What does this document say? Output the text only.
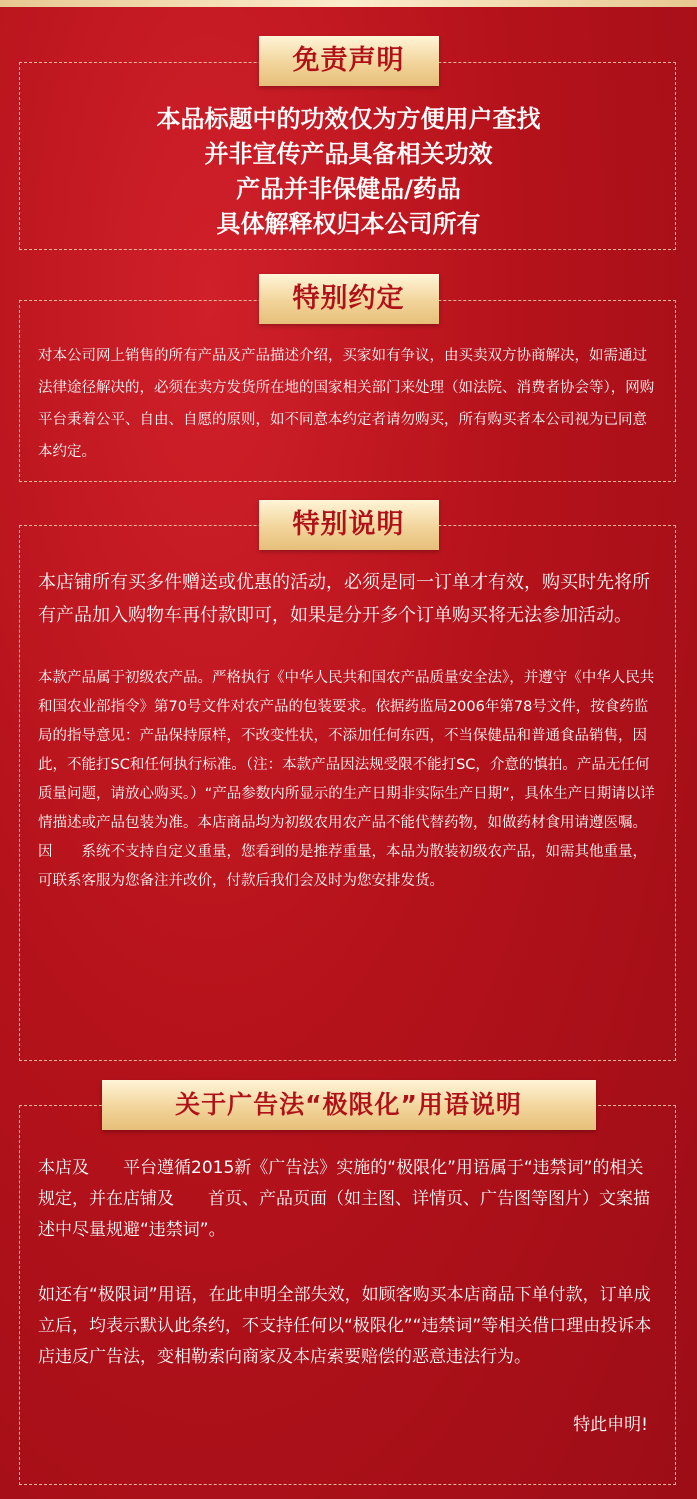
免责声明
本品标题中的功效仅为方便用户查找
并非宣传产品具备相关功效
产品并非保健品/药品
具体解释权归本公司所有
特别约定

对本公司网上销售的所有产品及产品描述介绍，买家如有争议，由买卖双方协商解决，如需通过法律途径解决的，必须在卖方发货所在地的国家相关部门来处理（如法院、消费者协会等），网购平台秉着公平、自由、自愿的原则，如不同意本约定者请勿购买，所有购买者本公司视为已同意本约定。

特别说明

本店铺所有买多件赠送或优惠的活动，必须是同一订单才有效，购买时先将所有产品加入购物车再付款即可，如果是分开多个订单购买将无法参加活动。

本款产品属于初级农产品。严格执行《中华人民共和国农产品质量安全法》，并遵守《中华人民共和国农业部指令》第70号文件对农产品的包装要求。依据药监局2006年第78号文件，按食药监局的指导意见：产品保持原样，不改变性状，不添加任何东西，不当保健品和普通食品销售，因此，不能打SC和任何执行标准。（注：本款产品因法规受限不能打SC，介意的慎拍。产品无任何质量问题，请放心购买。）“产品参数内所显示的生产日期非实际生产日期”，具体生产日期请以详情描述或产品包装为准。本店商品均为初级农用农产品不能代替药物，如做药材食用请遵医嘱。因　　系统不支持自定义重量，您看到的是推荐重量，本品为散装初级农产品，如需其他重量，可联系客服为您备注并改价，付款后我们会及时为您安排发货。

关于广告法“极限化”用语说明

本店及　　平台遵循2015新《广告法》实施的“极限化”用语属于“违禁词”的相关规定，并在店铺及　　首页、产品页面（如主图、详情页、广告图等图片）文案描述中尽量规避“违禁词”。

如还有“极限词”用语，在此申明全部失效，如顾客购买本店商品下单付款，订单成立后，均表示默认此条约，不支持任何以“极限化”“违禁词”等相关借口理由投诉本店违反广告法，变相勒索向商家及本店索要赔偿的恶意违法行为。

特此申明!
